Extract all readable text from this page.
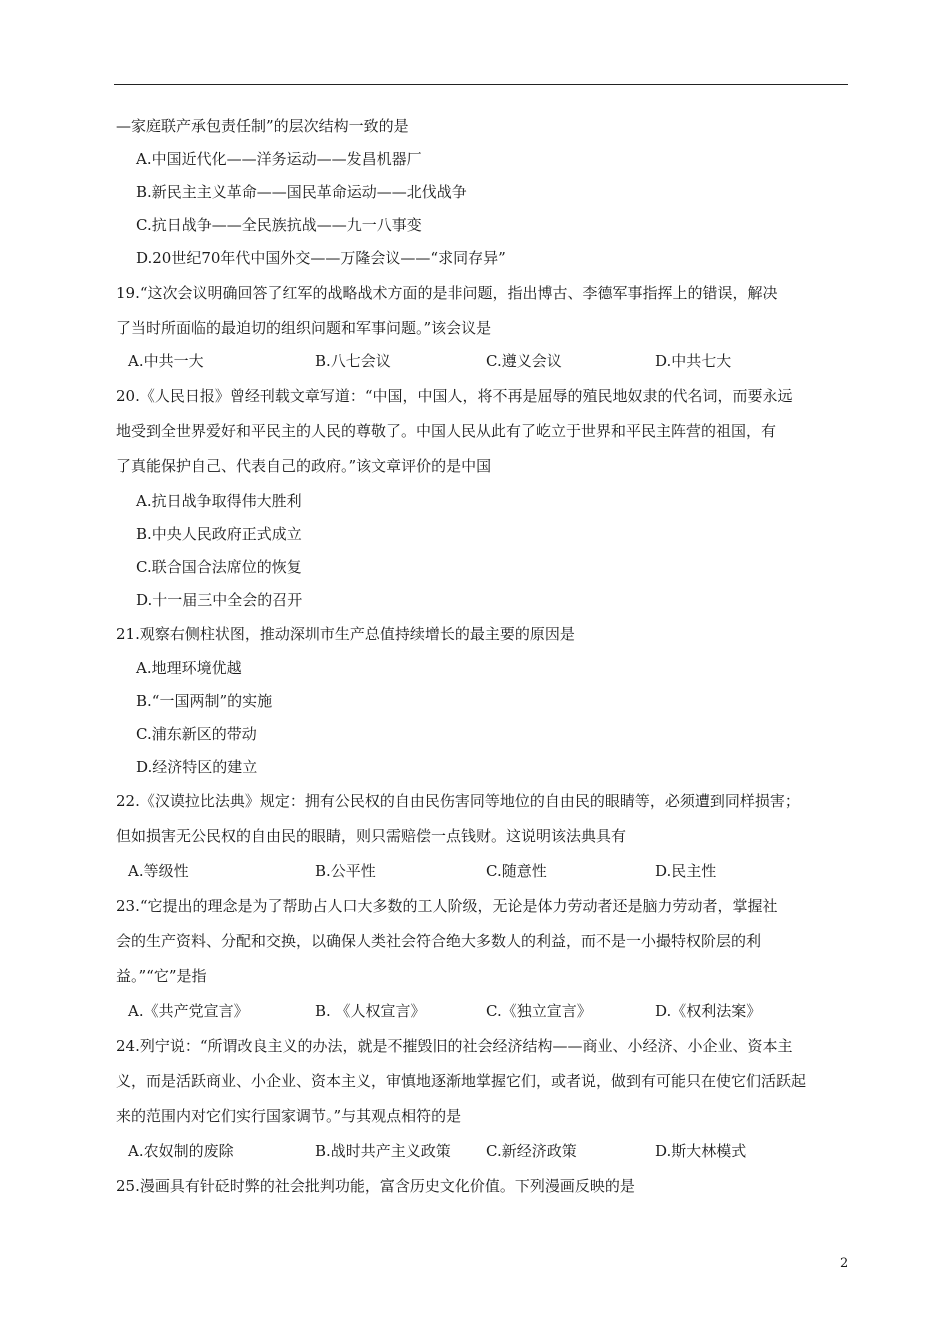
—家庭联产承包责任制”的层次结构一致的是
A.中国近代化——洋务运动——发昌机器厂
B.新民主主义革命——国民革命运动——北伐战争
C.抗日战争——全民族抗战——九一八事变
D.20世纪70年代中国外交——万隆会议——“求同存异”
19.“这次会议明确回答了红军的战略战术方面的是非问题，指出博古、李德军事指挥上的错误，解决
了当时所面临的最迫切的组织问题和军事问题。”该会议是
A.中共一大	B.八七会议	C.遵义会议	D.中共七大
20.《人民日报》曾经刊载文章写道：“中国，中国人，将不再是屈辱的殖民地奴隶的代名词，而要永远
地受到全世界爱好和平民主的人民的尊敬了。中国人民从此有了屹立于世界和平民主阵营的祖国，有
了真能保护自己、代表自己的政府。”该文章评价的是中国
A.抗日战争取得伟大胜利
B.中央人民政府正式成立
C.联合国合法席位的恢复
D.十一届三中全会的召开
21.观察右侧柱状图，推动深圳市生产总值持续增长的最主要的原因是
A.地理环境优越
B.“一国两制”的实施
C.浦东新区的带动
D.经济特区的建立
22.《汉谟拉比法典》规定：拥有公民权的自由民伤害同等地位的自由民的眼睛等，必须遭到同样损害；
但如损害无公民权的自由民的眼睛，则只需赔偿一点钱财。这说明该法典具有
A.等级性	B.公平性	C.随意性	D.民主性
23.“它提出的理念是为了帮助占人口大多数的工人阶级，无论是体力劳动者还是脑力劳动者，掌握社
会的生产资料、分配和交换，以确保人类社会符合绝大多数人的利益，而不是一小撮特权阶层的利
益。”“它”是指
A.《共产党宣言》	B. 《人权宣言》	C.《独立宣言》	D.《权利法案》
24.列宁说：“所谓改良主义的办法，就是不摧毁旧的社会经济结构——商业、小经济、小企业、资本主
义，而是活跃商业、小企业、资本主义，审慎地逐渐地掌握它们，或者说，做到有可能只在使它们活跃起
来的范围内对它们实行国家调节。”与其观点相符的是
A.农奴制的废除	B.战时共产主义政策 C.新经济政策	D.斯大林模式
25.漫画具有针砭时弊的社会批判功能，富含历史文化价值。下列漫画反映的是
2
